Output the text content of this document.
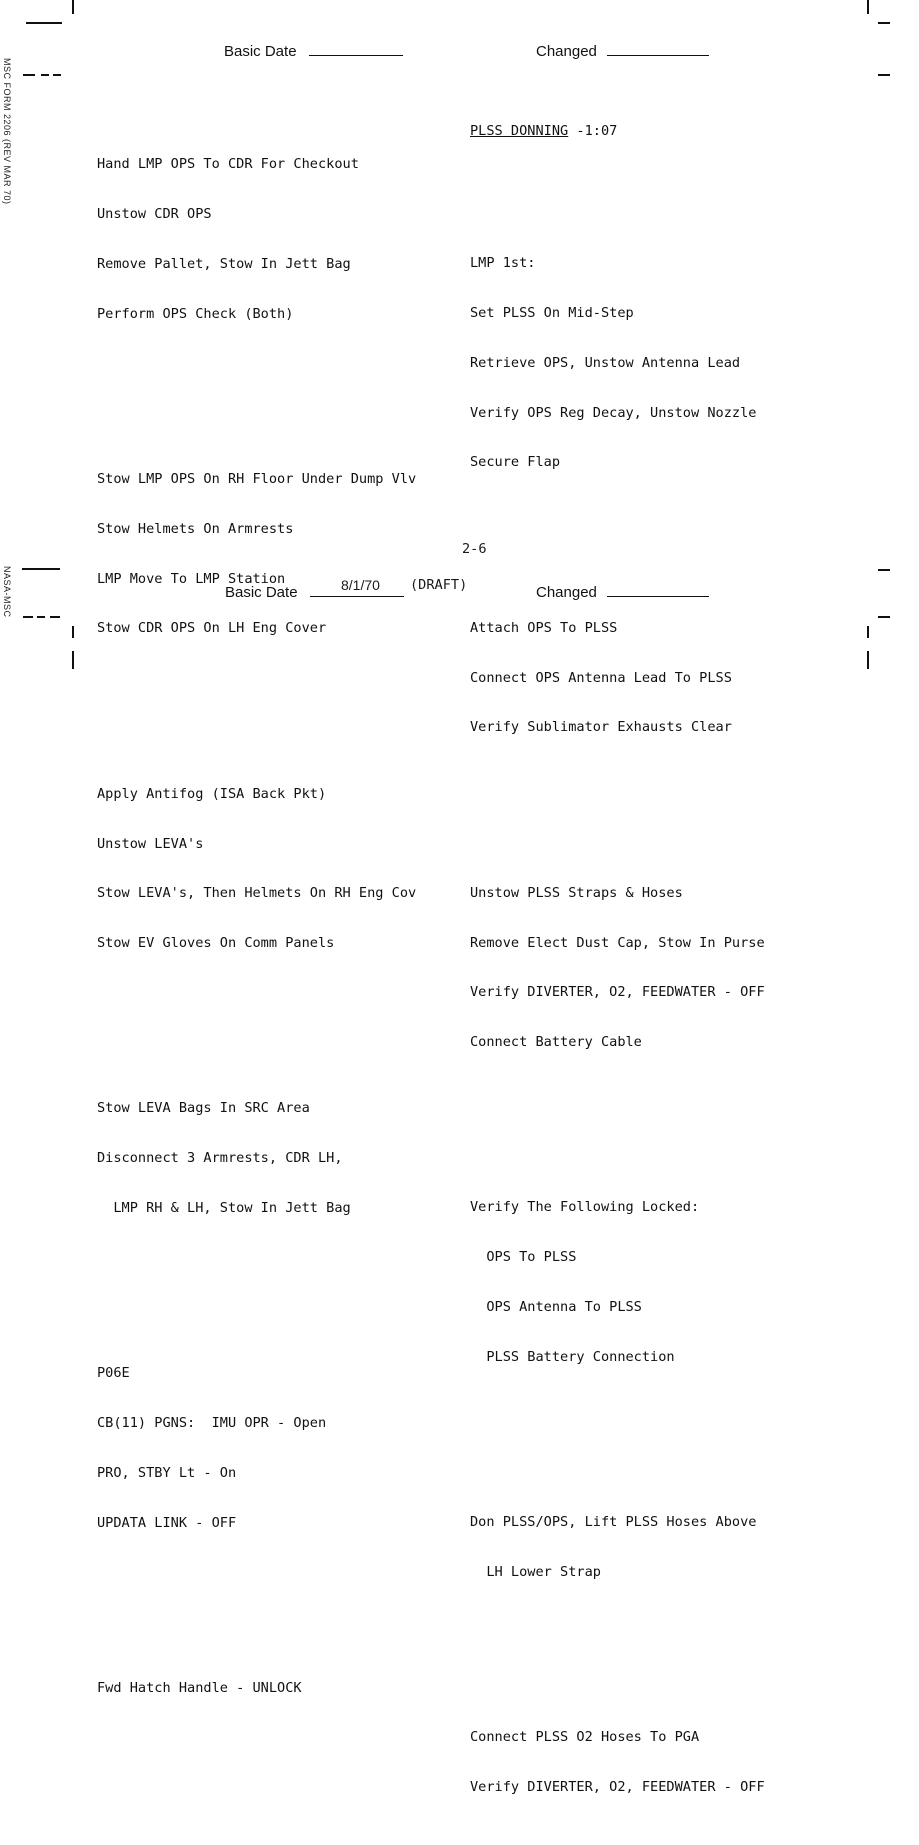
MSC FORM 2206 (REV MAR 70)
NASA-MSC
Basic Date	Changed

Hand LMP OPS To CDR For Checkout

Unstow CDR OPS

Remove Pallet, Stow In Jett Bag

Perform OPS Check (Both)

Stow LMP OPS On RH Floor Under Dump Vlv

Stow Helmets On Armrests

LMP Move To LMP Station

Stow CDR OPS On LH Eng Cover

Apply Antifog (ISA Back Pkt)

Unstow LEVA's

Stow LEVA's, Then Helmets On RH Eng Cov

Stow EV Gloves On Comm Panels

Stow LEVA Bags In SRC Area

Disconnect 3 Armrests, CDR LH,

LMP RH & LH, Stow In Jett Bag

P06E

CB(11) PGNS:  IMU OPR - Open

PRO, STBY Lt - On

UPDATA LINK - OFF

Fwd Hatch Handle - UNLOCK

PLSS DONNING -1:07

LMP 1st:

Set PLSS On Mid-Step

Retrieve OPS, Unstow Antenna Lead

Verify OPS Reg Decay, Unstow Nozzle

Secure Flap

Attach OPS To PLSS

Connect OPS Antenna Lead To PLSS

Verify Sublimator Exhausts Clear

Unstow PLSS Straps & Hoses

Remove Elect Dust Cap, Stow In Purse

Verify DIVERTER, O2, FEEDWATER - OFF

Connect Battery Cable

Verify The Following Locked:

OPS To PLSS

OPS Antenna To PLSS

PLSS Battery Connection

Don PLSS/OPS, Lift PLSS Hoses Above

LH Lower Strap

Connect PLSS O2 Hoses To PGA

Verify DIVERTER, O2, FEEDWATER - OFF

2-6
Basic Date	8/1/70 (DRAFT)	Changed
